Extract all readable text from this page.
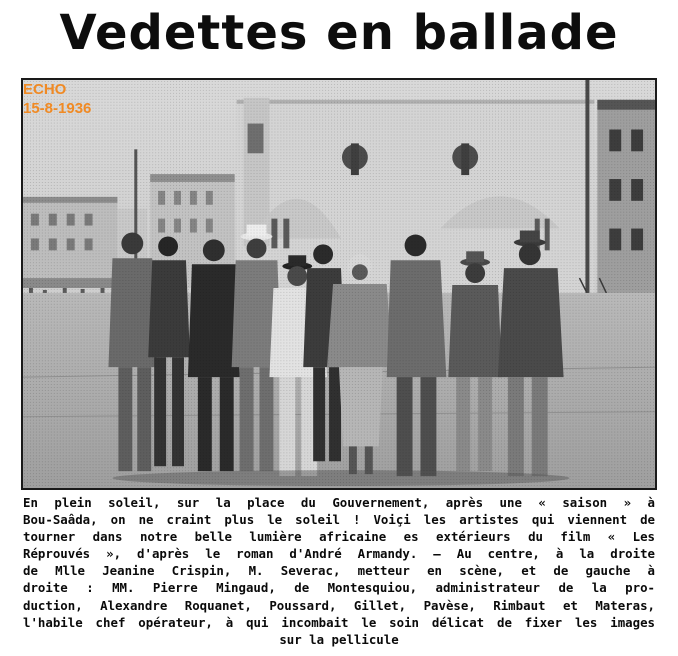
Vedettes en ballade
ECHO
15-8-1936
En plein soleil, sur la place du Gouvernement, après une « saison » à
Bou-Saâda, on ne craint plus le soleil ! Voiçi les artistes qui viennent de
tourner dans notre belle lumière africaine es extérieurs du film « Les
Réprouvés », d'après le roman d'André Armandy. — Au centre, à la droite
de Mlle Jeanine Crispin, M. Severac, metteur en scène, et de gauche à
droite : MM. Pierre Mingaud, de Montesquiou, administrateur de la pro-
duction, Alexandre Roquanet, Poussard, Gillet, Pavèse, Rimbaut et Materas,
l'habile chef opérateur, à qui incombait le soin délicat de fixer les images
sur la pellicule
